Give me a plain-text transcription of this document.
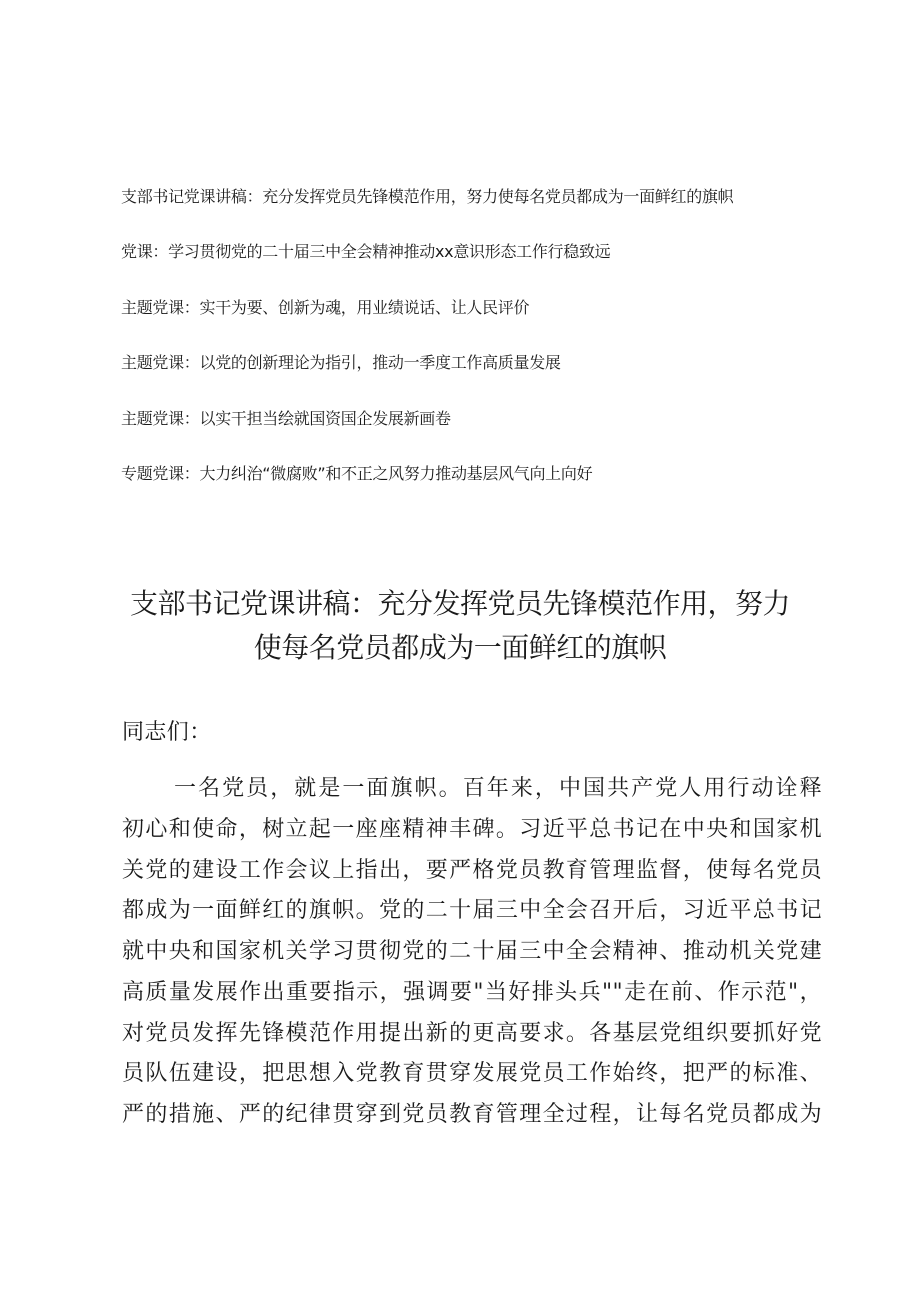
支部书记党课讲稿：充分发挥党员先锋模范作用，努力使每名党员都成为一面鲜红的旗帜
党课：学习贯彻党的二十届三中全会精神推动xx意识形态工作行稳致远
主题党课：实干为要、创新为魂，用业绩说话、让人民评价
主题党课：以党的创新理论为指引，推动一季度工作高质量发展
主题党课：以实干担当绘就国资国企发展新画卷
专题党课：大力纠治“微腐败”和不正之风努力推动基层风气向上向好
支部书记党课讲稿：充分发挥党员先锋模范作用，努力
使每名党员都成为一面鲜红的旗帜
同志们：
一名党员，就是一面旗帜。百年来，中国共产党人用行动诠释
初心和使命，树立起一座座精神丰碑。习近平总书记在中央和国家机
关党的建设工作会议上指出，要严格党员教育管理监督，使每名党员
都成为一面鲜红的旗帜。党的二十届三中全会召开后，习近平总书记
就中央和国家机关学习贯彻党的二十届三中全会精神、推动机关党建
高质量发展作出重要指示，强调要"当好排头兵""走在前、作示范"，
对党员发挥先锋模范作用提出新的更高要求。各基层党组织要抓好党
员队伍建设，把思想入党教育贯穿发展党员工作始终，把严的标准、
严的措施、严的纪律贯穿到党员教育管理全过程，让每名党员都成为
